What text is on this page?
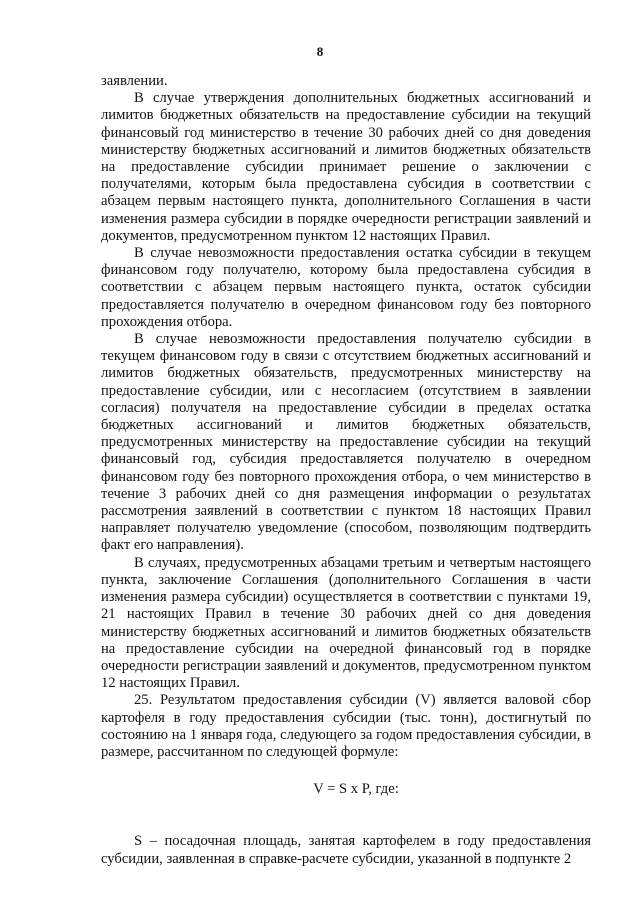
8

заявлении.

В случае утверждения дополнительных бюджетных ассигнований и лимитов бюджетных обязательств на предоставление субсидии на текущий финансовый год министерство в течение 30 рабочих дней со дня доведения министерству бюджетных ассигнований и лимитов бюджетных обязательств на предоставление субсидии принимает решение о заключении с получателями, которым была предоставлена субсидия в соответствии с абзацем первым настоящего пункта, дополнительного Соглашения в части изменения размера субсидии в порядке очередности регистрации заявлений и документов, предусмотренном пунктом 12 настоящих Правил.

В случае невозможности предоставления остатка субсидии в текущем финансовом году получателю, которому была предоставлена субсидия в соответствии с абзацем первым настоящего пункта, остаток субсидии предоставляется получателю в очередном финансовом году без повторного прохождения отбора.

В случае невозможности предоставления получателю субсидии в текущем финансовом году в связи с отсутствием бюджетных ассигнований и лимитов бюджетных обязательств, предусмотренных министерству на предоставление субсидии, или с несогласием (отсутствием в заявлении согласия) получателя на предоставление субсидии в пределах остатка бюджетных ассигнований и лимитов бюджетных обязательств, предусмотренных министерству на предоставление субсидии на текущий финансовый год, субсидия предоставляется получателю в очередном финансовом году без повторного прохождения отбора, о чем министерство в течение 3 рабочих дней со дня размещения информации о результатах рассмотрения заявлений в соответствии с пунктом 18 настоящих Правил направляет получателю уведомление (способом, позволяющим подтвердить факт его направления).

В случаях, предусмотренных абзацами третьим и четвертым настоящего пункта, заключение Соглашения (дополнительного Соглашения в части изменения размера субсидии) осуществляется в соответствии с пунктами 19, 21 настоящих Правил в течение 30 рабочих дней со дня доведения министерству бюджетных ассигнований и лимитов бюджетных обязательств на предоставление субсидии на очередной финансовый год в порядке очередности регистрации заявлений и документов, предусмотренном пунктом 12 настоящих Правил.

25. Результатом предоставления субсидии (V) является валовой сбор картофеля в году предоставления субсидии (тыс. тонн), достигнутый по состоянию на 1 января года, следующего за годом предоставления субсидии, в размере, рассчитанном по следующей формуле:

V = S x P, где:

S – посадочная площадь, занятая картофелем в году предоставления субсидии, заявленная в справке-расчете субсидии, указанной в подпункте 2
